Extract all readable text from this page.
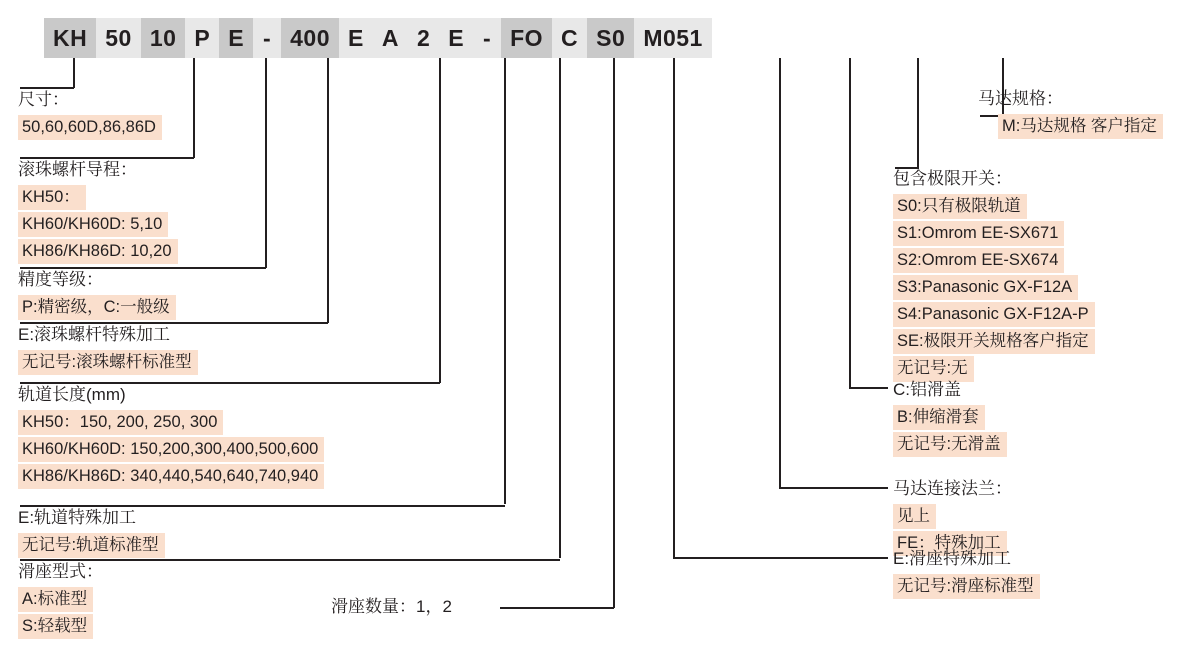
KH 50 10 P E - 400 E A 2 E - FO C S0 M051
尺寸：
50,60,60D,86,86D
滚珠螺杆导程：
KH50：
KH60/KH60D: 5,10
KH86/KH86D: 10,20
精度等级：
P:精密级，C:一般级
E:滚珠螺杆特殊加工
无记号:滚珠螺杆标准型
轨道长度(mm)
KH50：150, 200, 250, 300
KH60/KH60D: 150,200,300,400,500,600
KH86/KH86D: 340,440,540,640,740,940
E:轨道特殊加工
无记号:轨道标准型
滑座型式：
A:标准型
S:轻载型
滑座数量：1，2
马达规格：
M:马达规格 客户指定
包含极限开关：
S0:只有极限轨道
S1:Omrom EE-SX671
S2:Omrom EE-SX674
S3:Panasonic GX-F12A
S4:Panasonic GX-F12A-P
SE:极限开关规格客户指定
无记号:无
C:铝滑盖
B:伸缩滑套
无记号:无滑盖
马达连接法兰：
见上
FE：特殊加工
E:滑座特殊加工
无记号:滑座标准型
